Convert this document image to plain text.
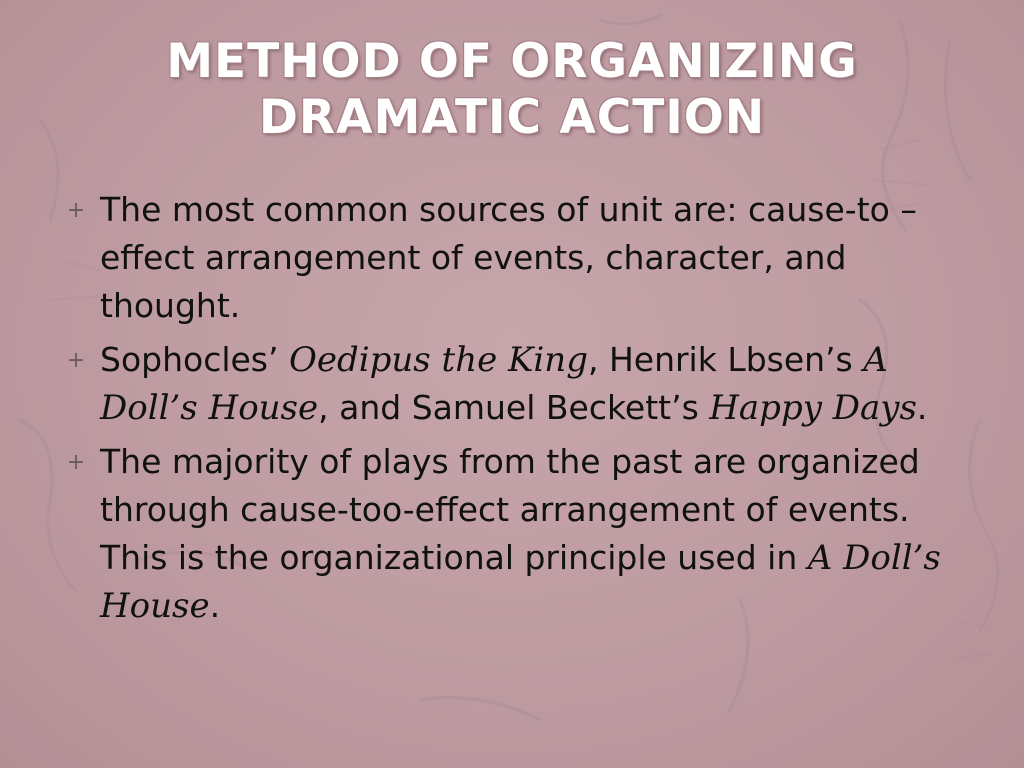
METHOD OF ORGANIZING
DRAMATIC ACTION
+ The most common sources of unit are: cause-to –effect arrangement of events, character, and thought.
+ Sophocles’ Oedipus the King, Henrik Lbsen’s A Doll’s House, and Samuel Beckett’s Happy Days.
+ The majority of plays from the past are organized through cause-too-effect arrangement of events. This is the organizational principle used in A Doll’s House.
